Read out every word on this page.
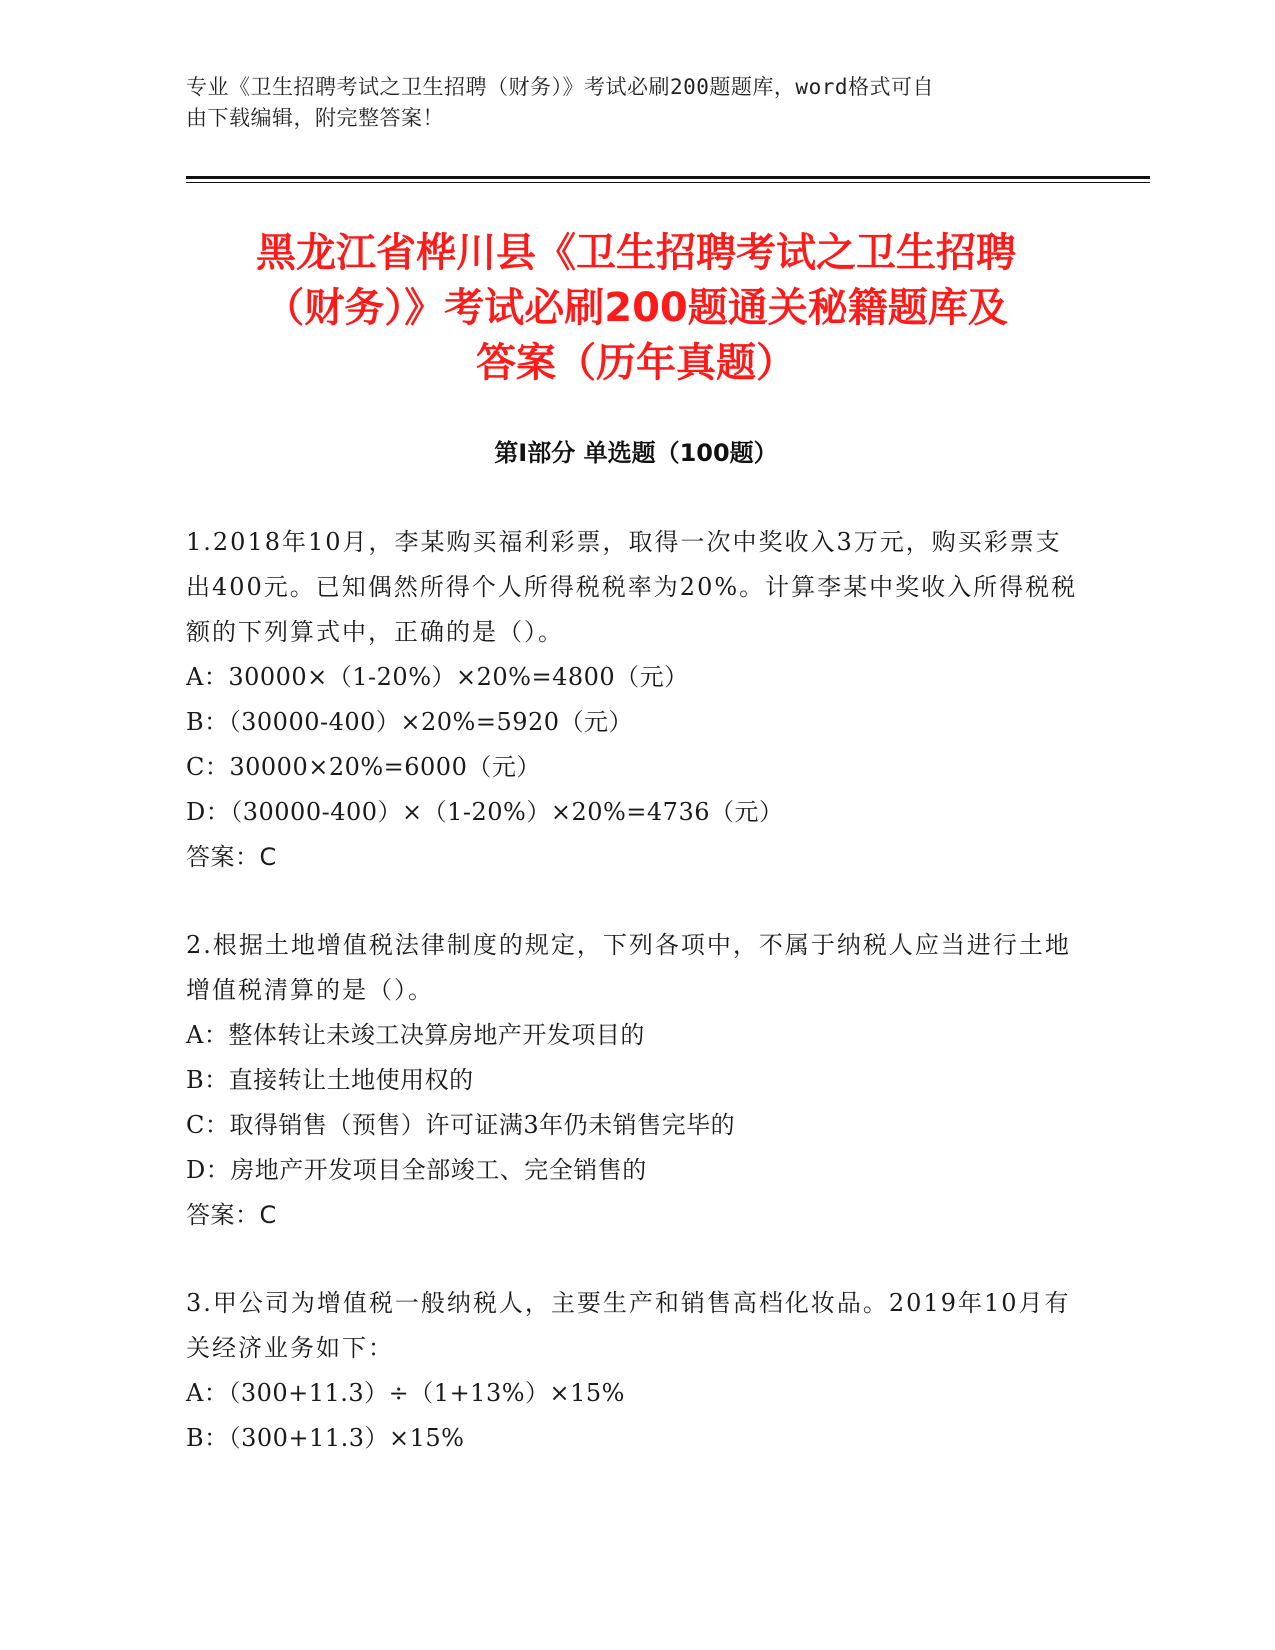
专业《卫生招聘考试之卫生招聘（财务）》考试必刷200题题库，word格式可自
由下载编辑，附完整答案！
黑龙江省桦川县《卫生招聘考试之卫生招聘
（财务）》考试必刷200题通关秘籍题库及
答案（历年真题）
第Ⅰ部分 单选题（100题）
1.2018年10月，李某购买福利彩票，取得一次中奖收入3万元，购买彩票支出400元。已知偶然所得个人所得税税率为20%。计算李某中奖收入所得税税额的下列算式中，正确的是（）。
A：30000×（1-20%）×20%=4800（元）
B：（30000-400）×20%=5920（元）
C：30000×20%=6000（元）
D：（30000-400）×（1-20%）×20%=4736（元）
答案：C
2.根据土地增值税法律制度的规定，下列各项中，不属于纳税人应当进行土地增值税清算的是（）。
A：整体转让未竣工决算房地产开发项目的
B：直接转让土地使用权的
C：取得销售（预售）许可证满3年仍未销售完毕的
D：房地产开发项目全部竣工、完全销售的
答案：C
3.甲公司为增值税一般纳税人，主要生产和销售高档化妆品。2019年10月有关经济业务如下：
A：（300+11.3）÷（1+13%）×15%
B：（300+11.3）×15%
